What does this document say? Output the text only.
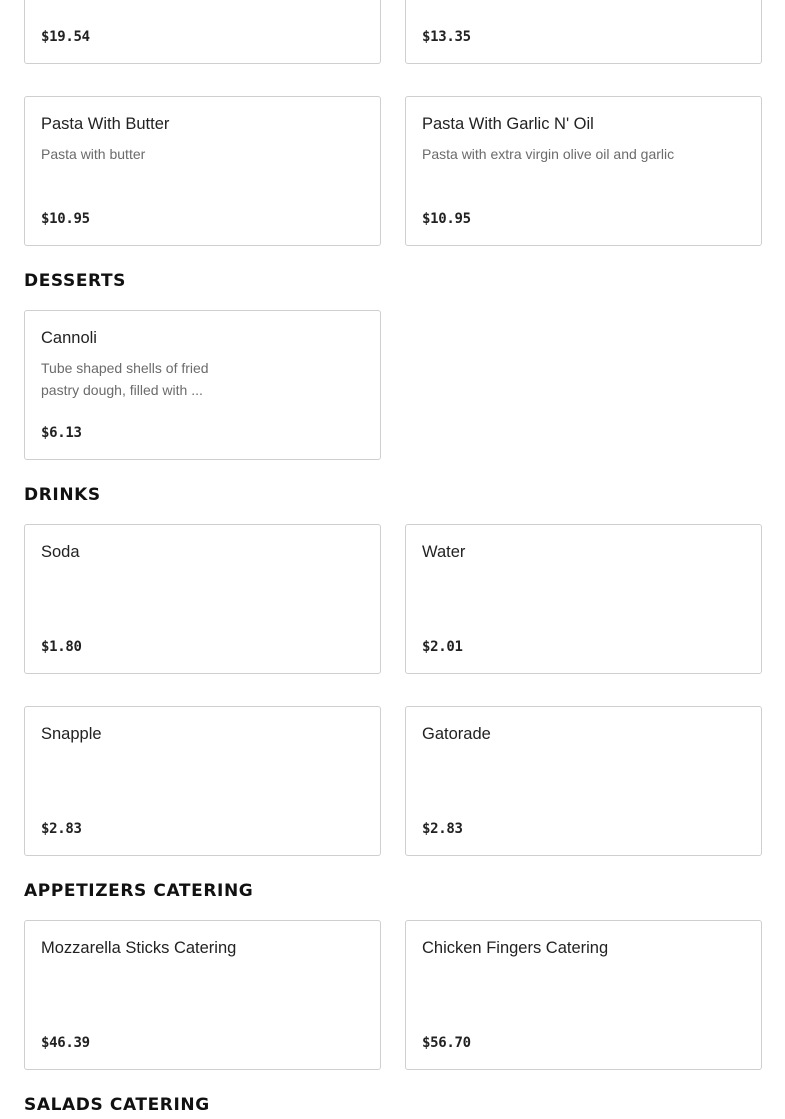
$19.54	$13.35
Pasta With Butter
Pasta with butter
$10.95
Pasta With Garlic N' Oil
Pasta with extra virgin olive oil and garlic
$10.95
DESSERTS
Cannoli
Tube shaped shells of fried pastry dough, filled with ...
$6.13
DRINKS
Soda
$1.80
Water
$2.01
Snapple
$2.83
Gatorade
$2.83
APPETIZERS CATERING
Mozzarella Sticks Catering
$46.39
Chicken Fingers Catering
$56.70
SALADS CATERING
